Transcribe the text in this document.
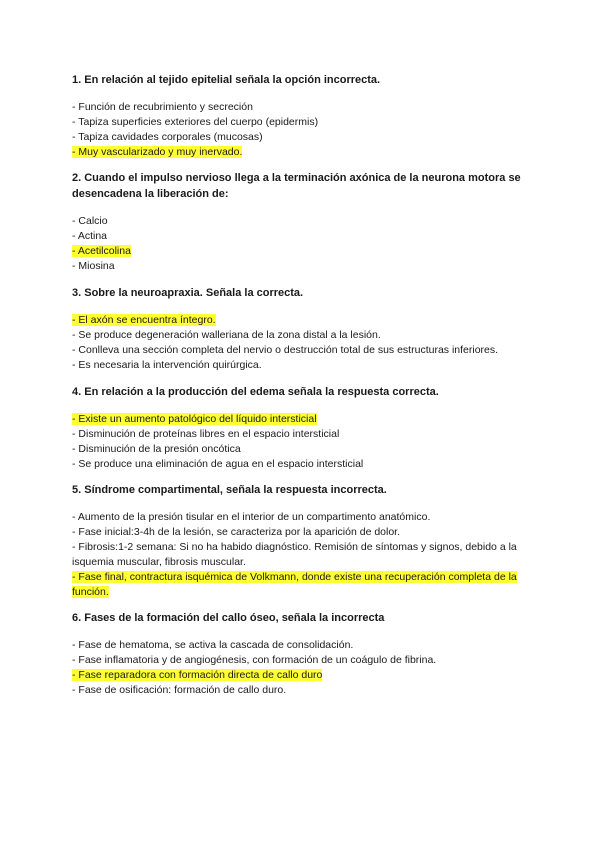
1. En relación al tejido epitelial señala la opción incorrecta.

- Función de recubrimiento y secreción
- Tapiza superficies exteriores del cuerpo (epidermis)
- Tapiza cavidades corporales (mucosas)
- Muy vascularizado y muy inervado.

2. Cuando el impulso nervioso llega a la terminación axónica de la neurona motora se desencadena la liberación de:

- Calcio
- Actina
- Acetilcolina
- Miosina

3. Sobre la neuroapraxia. Señala la correcta.

- El axón se encuentra íntegro.
- Se produce degeneración walleriana de la zona distal a la lesión.
- Conlleva una sección completa del nervio o destrucción total de sus estructuras inferiores.
- Es necesaria la intervención quirúrgica.

4. En relación a la producción del edema señala la respuesta correcta.

- Existe un aumento patológico del líquido intersticial
- Disminución de proteínas libres en el espacio intersticial
- Disminución de la presión oncótica
- Se produce una eliminación de agua en el espacio intersticial

5. Síndrome compartimental, señala la respuesta incorrecta.

- Aumento de la presión tisular en el interior de un compartimento anatómico.
- Fase inicial:3-4h de la lesión, se caracteriza por la aparición de dolor.
- Fibrosis:1-2 semana: Si no ha habido diagnóstico. Remisión de síntomas y signos, debido a la isquemia muscular, fibrosis muscular.
- Fase final, contractura isquémica de Volkmann, donde existe una recuperación completa de la función.

6. Fases de la formación del callo óseo, señala la incorrecta

- Fase de hematoma, se activa la cascada de consolidación.
- Fase inflamatoria y de angiogénesis, con formación de un coágulo de fibrina.
- Fase reparadora con formación directa de callo duro
- Fase de osificación: formación de callo duro.
